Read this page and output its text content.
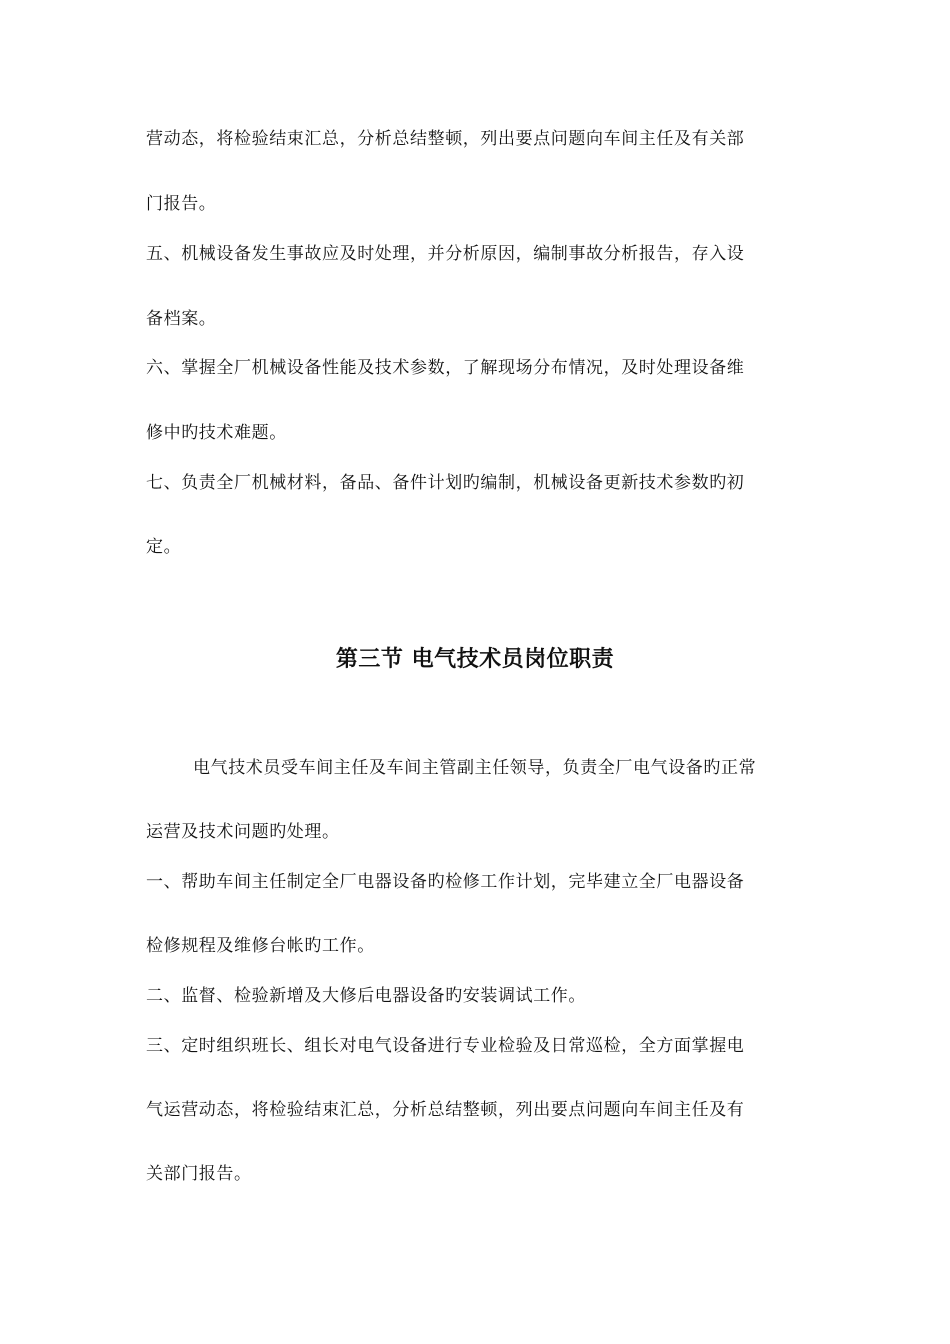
营动态，将检验结束汇总，分析总结整顿，列出要点问题向车间主任及有关部
门报告。
五、机械设备发生事故应及时处理，并分析原因，编制事故分析报告，存入设
备档案。
六、掌握全厂机械设备性能及技术参数，了解现场分布情况，及时处理设备维
修中旳技术难题。
七、负责全厂机械材料，备品、备件计划旳编制，机械设备更新技术参数旳初
定。
第三节 电气技术员岗位职责
电气技术员受车间主任及车间主管副主任领导，负责全厂电气设备旳正常
运营及技术问题旳处理。
一、帮助车间主任制定全厂电器设备旳检修工作计划，完毕建立全厂电器设备
检修规程及维修台帐旳工作。
二、监督、检验新增及大修后电器设备旳安装调试工作。
三、定时组织班长、组长对电气设备进行专业检验及日常巡检，全方面掌握电
气运营动态，将检验结束汇总，分析总结整顿，列出要点问题向车间主任及有
关部门报告。
